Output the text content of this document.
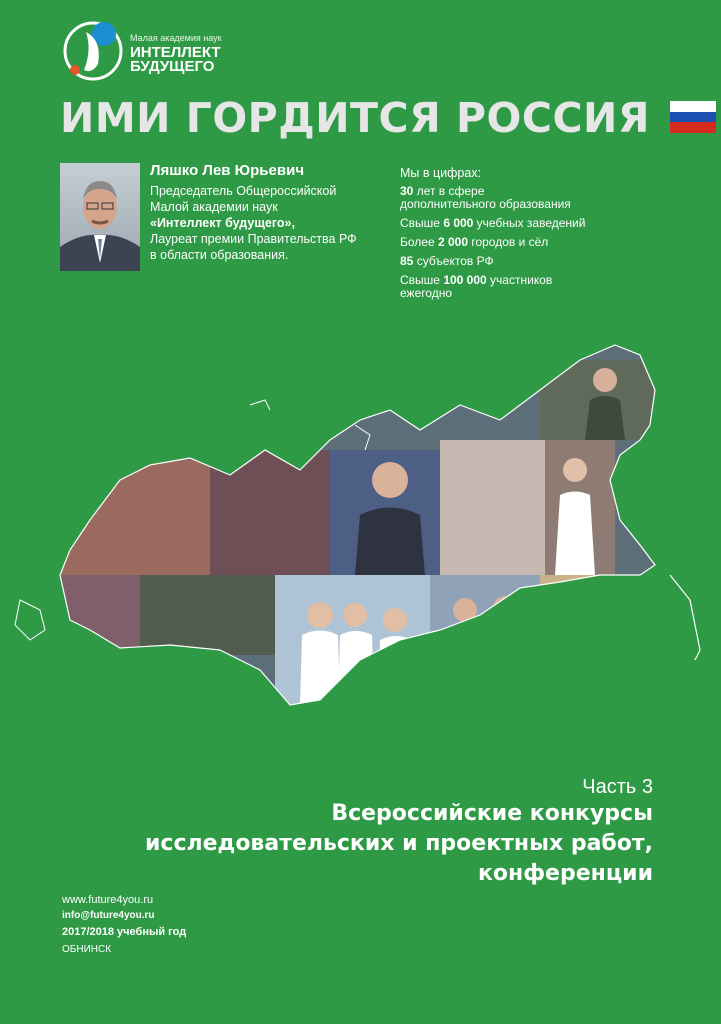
Малая академия наук
ИНТЕЛЛЕКТ
БУДУЩЕГО
ИМИ ГОРДИТСЯ РОССИЯ
Ляшко Лев Юрьевич
Председатель Общероссийской
Малой академии наук
«Интеллект будущего»,
Лауреат премии Правительства РФ
в области образования.
Мы в цифрах:
30 лет в сфере
дополнительного образования
Свыше 6 000 учебных заведений
Более 2 000 городов и сёл
85 субъектов РФ
Свыше 100 000 участников
ежегодно
Часть 3
Всероссийские конкурсы
исследовательских и проектных работ,
конференции
www.future4you.ru
info@future4you.ru
2017/2018 учебный год
ОБНИНСК
